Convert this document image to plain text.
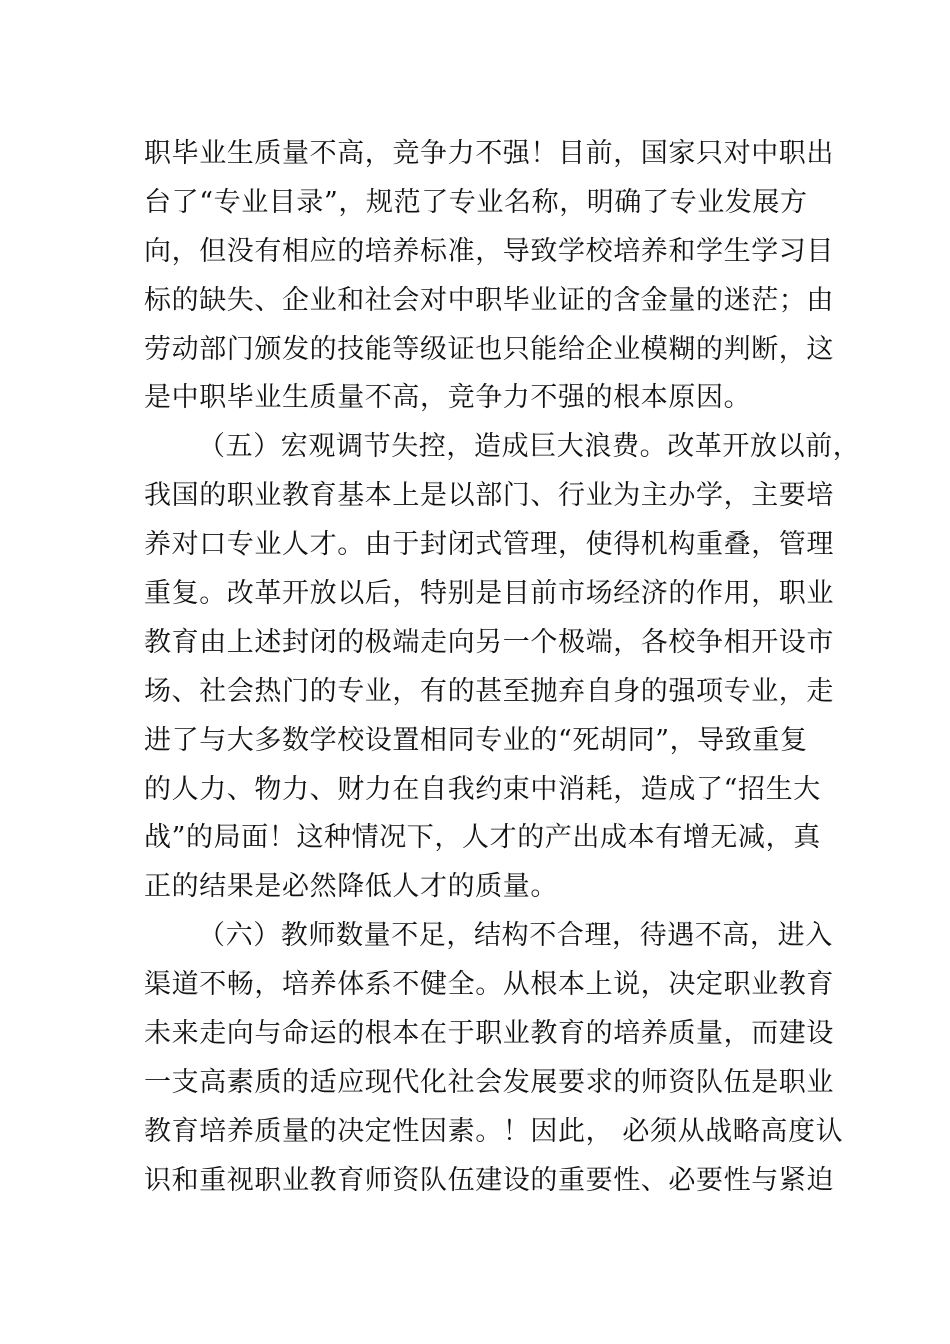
职毕业生质量不高，竞争力不强！目前，国家只对中职出
台了“专业目录”，规范了专业名称，明确了专业发展方
向，但没有相应的培养标准，导致学校培养和学生学习目
标的缺失、企业和社会对中职毕业证的含金量的迷茫；由
劳动部门颁发的技能等级证也只能给企业模糊的判断，这
是中职毕业生质量不高，竞争力不强的根本原因。
（五）宏观调节失控，造成巨大浪费。改革开放以前，
我国的职业教育基本上是以部门、行业为主办学，主要培
养对口专业人才。由于封闭式管理，使得机构重叠，管理
重复。改革开放以后，特别是目前市场经济的作用，职业
教育由上述封闭的极端走向另一个极端，各校争相开设市
场、社会热门的专业，有的甚至抛弃自身的强项专业，走
进了与大多数学校设置相同专业的“死胡同”，导致重复
的人力、物力、财力在自我约束中消耗，造成了“招生大
战”的局面！这种情况下，人才的产出成本有增无减，真
正的结果是必然降低人才的质量。
（六）教师数量不足，结构不合理，待遇不高，进入
渠道不畅，培养体系不健全。从根本上说，决定职业教育
未来走向与命运的根本在于职业教育的培养质量，而建设
一支高素质的适应现代化社会发展要求的师资队伍是职业
教育培养质量的决定性因素。！因此， 必须从战略高度认
识和重视职业教育师资队伍建设的重要性、必要性与紧迫
